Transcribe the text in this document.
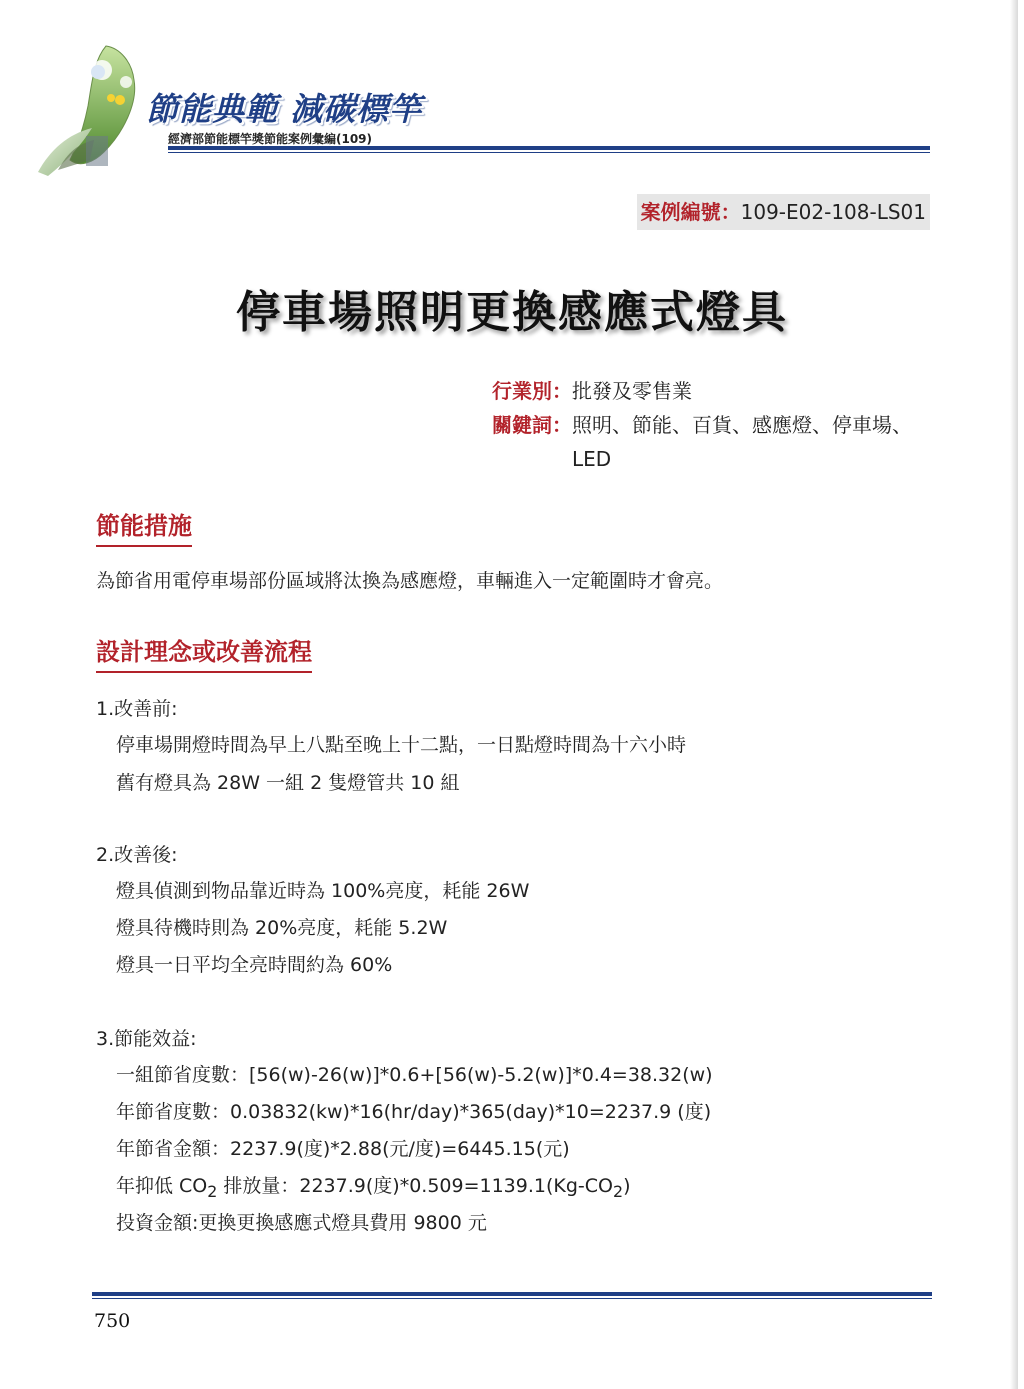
節能典範 減碳標竿
經濟部節能標竿獎節能案例彙編(109)
案例編號：109-E02-108-LS01
停車場照明更換感應式燈具
行業別： 批發及零售業
關鍵詞： 照明、節能、百貨、感應燈、停車場、LED
節能措施
為節省用電停車場部份區域將汰換為感應燈，車輛進入一定範圍時才會亮。
設計理念或改善流程
1.改善前:
停車場開燈時間為早上八點至晚上十二點，一日點燈時間為十六小時
舊有燈具為 28W 一組 2 隻燈管共 10 組
2.改善後:
燈具偵測到物品靠近時為 100%亮度，耗能 26W
燈具待機時則為 20%亮度，耗能 5.2W
燈具一日平均全亮時間約為 60%
3.節能效益:
一組節省度數：[56(w)-26(w)]*0.6+[56(w)-5.2(w)]*0.4=38.32(w)
年節省度數：0.03832(kw)*16(hr/day)*365(day)*10=2237.9 (度)
年節省金額：2237.9(度)*2.88(元/度)=6445.15(元)
年抑低 $CO_2$ 排放量：2237.9(度)$*0.509=1139.1(Kg-CO_2)$
投資金額:更換更換感應式燈具費用 9800 元
750
